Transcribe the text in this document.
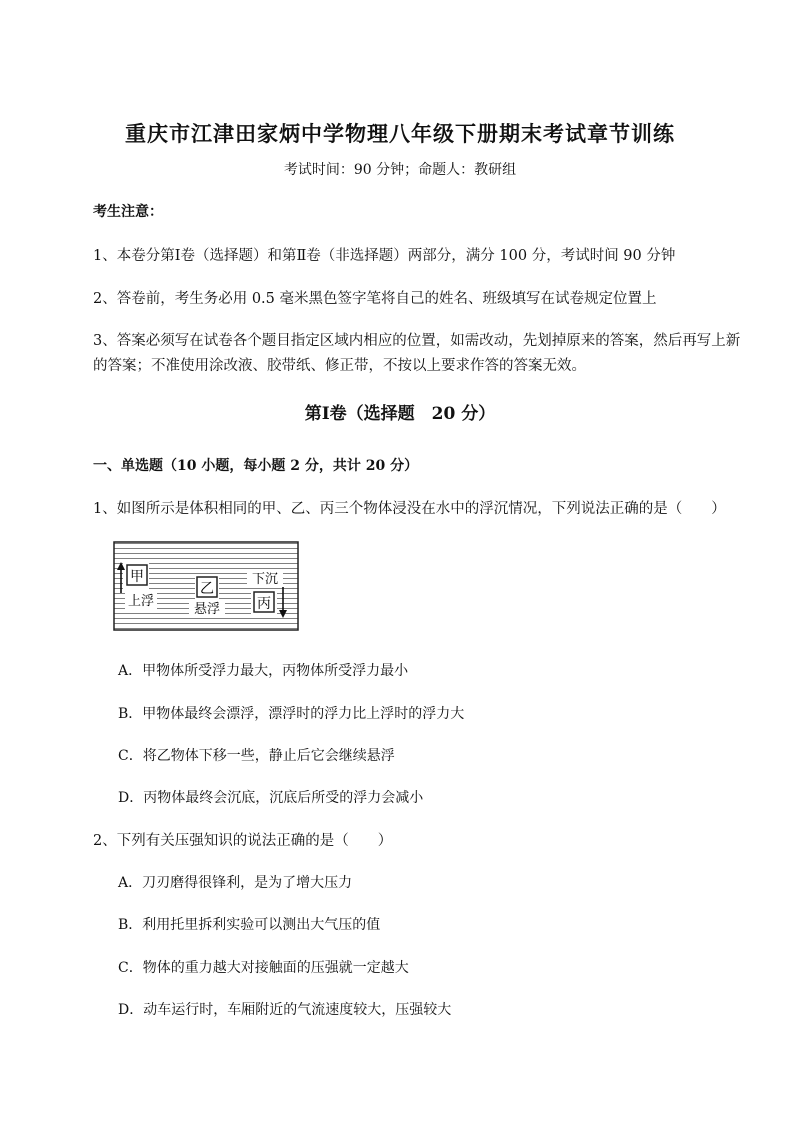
重庆市江津田家炳中学物理八年级下册期末考试章节训练
考试时间：90 分钟；命题人：教研组
考生注意：
1、本卷分第Ⅰ卷（选择题）和第Ⅱ卷（非选择题）两部分，满分 100 分，考试时间 90 分钟
2、答卷前，考生务必用 0.5 毫米黑色签字笔将自己的姓名、班级填写在试卷规定位置上
3、答案必须写在试卷各个题目指定区域内相应的位置，如需改动，先划掉原来的答案，然后再写上新
的答案；不准使用涂改液、胶带纸、修正带，不按以上要求作答的答案无效。
第Ⅰ卷（选择题　20 分）
一、单选题（10 小题，每小题 2 分，共计 20 分）
1、如图所示是体积相同的甲、乙、丙三个物体浸没在水中的浮沉情况，下列说法正确的是（　　）
甲
上浮
乙
悬浮
下沉
丙
A．甲物体所受浮力最大，丙物体所受浮力最小
B．甲物体最终会漂浮，漂浮时的浮力比上浮时的浮力大
C．将乙物体下移一些，静止后它会继续悬浮
D．丙物体最终会沉底，沉底后所受的浮力会减小
2、下列有关压强知识的说法正确的是（　　）
A．刀刃磨得很锋利，是为了增大压力
B．利用托里拆利实验可以测出大气压的值
C．物体的重力越大对接触面的压强就一定越大
D．动车运行时，车厢附近的气流速度较大，压强较大
